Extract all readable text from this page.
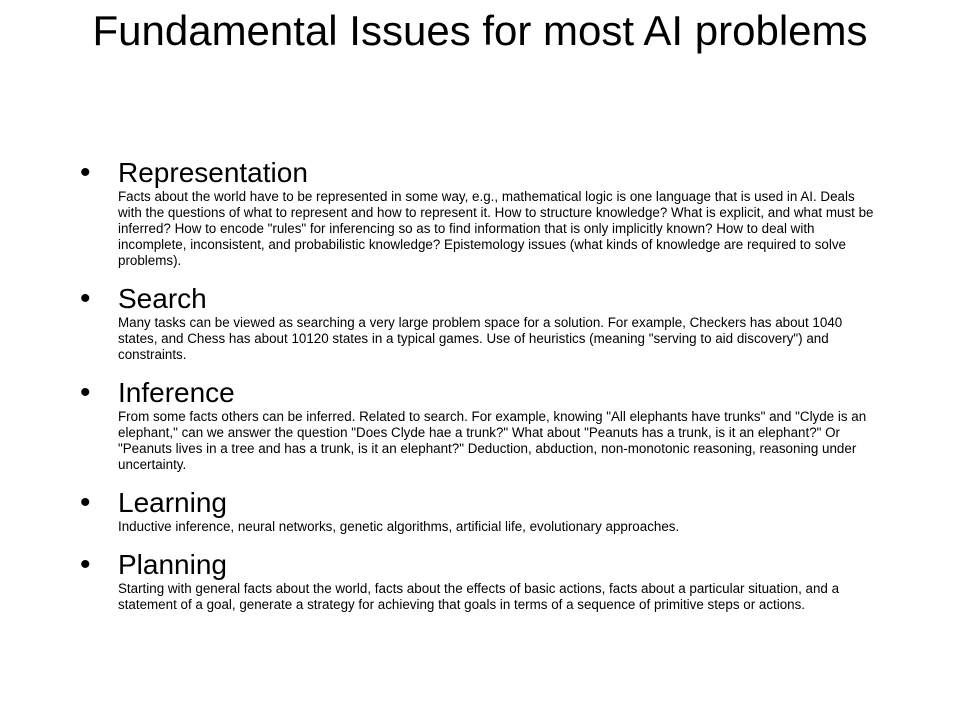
Fundamental Issues for most AI problems
• Representation
Facts about the world have to be represented in some way, e.g., mathematical logic is one language that is used in AI. Deals with the questions of what to represent and how to represent it. How to structure knowledge? What is explicit, and what must be inferred? How to encode "rules" for inferencing so as to find information that is only implicitly known? How to deal with incomplete, inconsistent, and probabilistic knowledge? Epistemology issues (what kinds of knowledge are required to solve problems).
• Search
Many tasks can be viewed as searching a very large problem space for a solution. For example, Checkers has about 1040 states, and Chess has about 10120 states in a typical games. Use of heuristics (meaning "serving to aid discovery") and constraints.
• Inference
From some facts others can be inferred. Related to search. For example, knowing "All elephants have trunks" and "Clyde is an elephant," can we answer the question "Does Clyde hae a trunk?" What about "Peanuts has a trunk, is it an elephant?" Or "Peanuts lives in a tree and has a trunk, is it an elephant?" Deduction, abduction, non-monotonic reasoning, reasoning under uncertainty.
• Learning
Inductive inference, neural networks, genetic algorithms, artificial life, evolutionary approaches.
• Planning
Starting with general facts about the world, facts about the effects of basic actions, facts about a particular situation, and a statement of a goal, generate a strategy for achieving that goals in terms of a sequence of primitive steps or actions.
